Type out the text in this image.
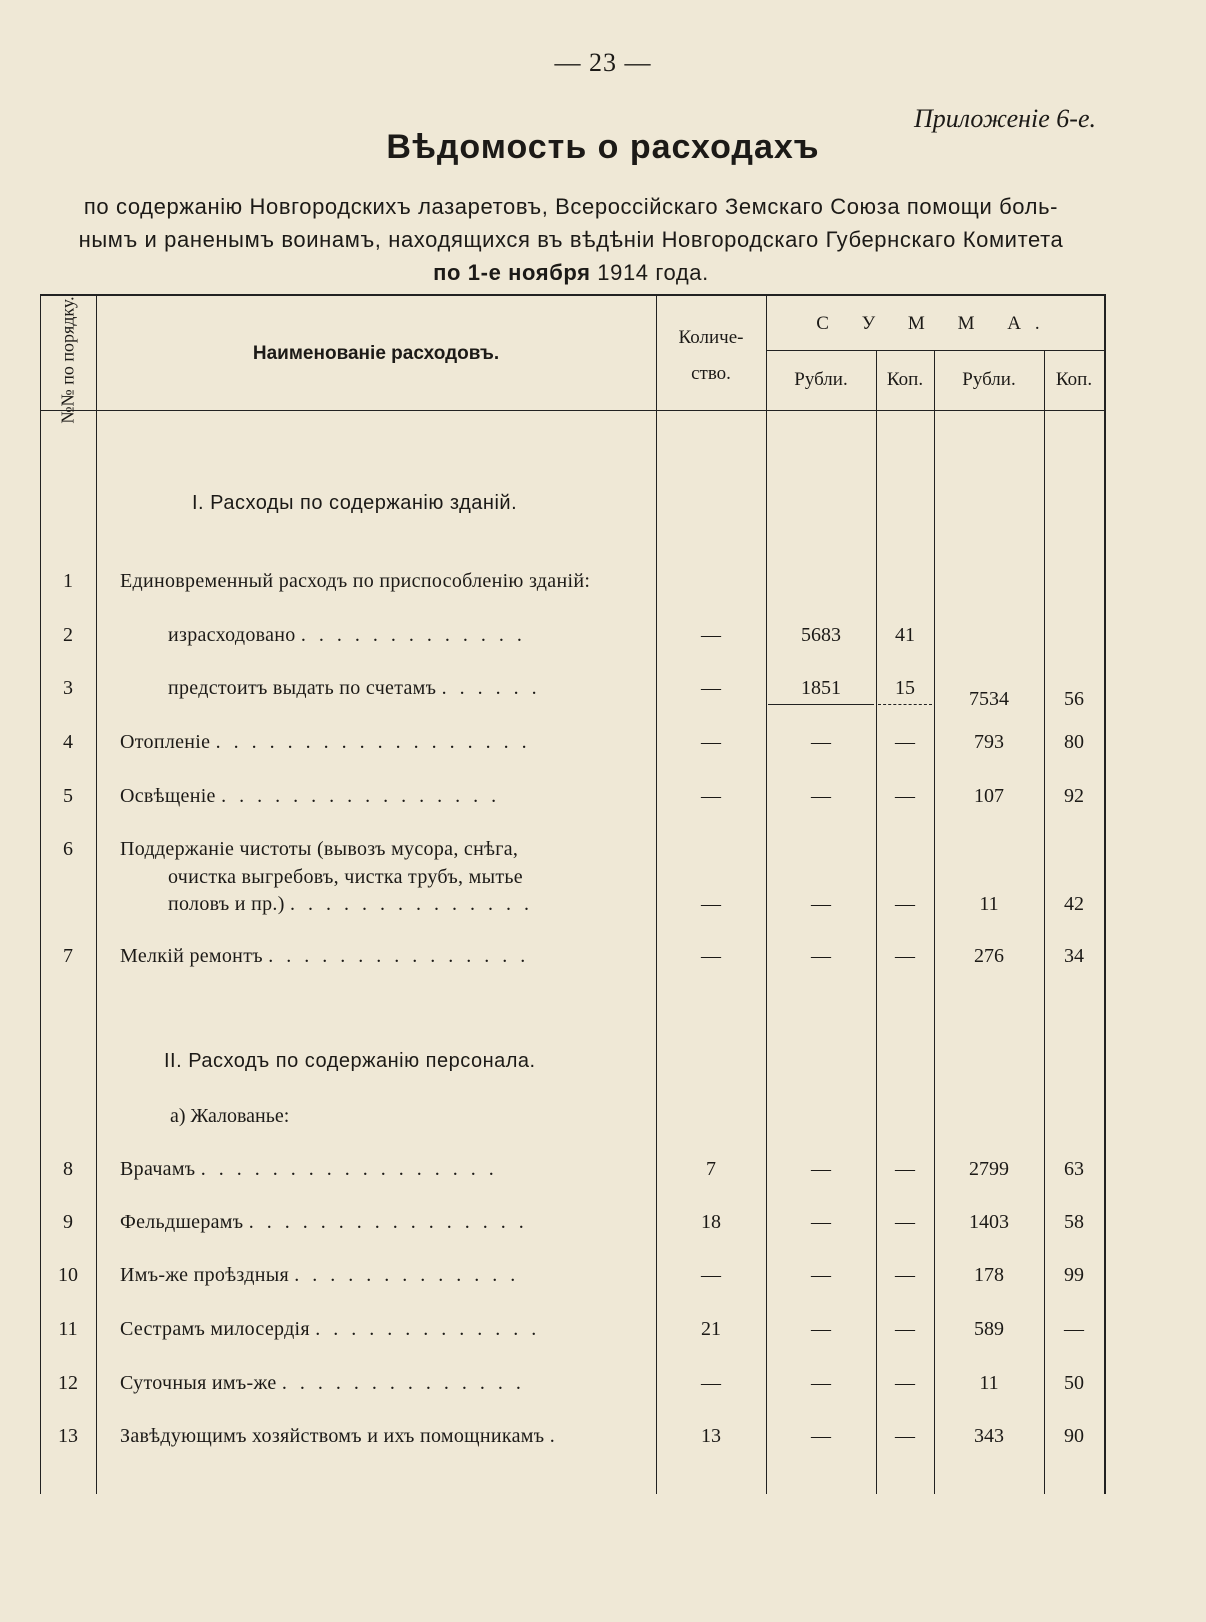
— 23 —
Приложенiе 6-е.
Вѣдомость о расходахъ
по содержанiю Новгородскихъ лазаретовъ, Всероссiйскаго Земскаго Союза помощи боль-
нымъ и раненымъ воинамъ, находящихся въ вѣдѣнiи Новгородскаго Губернскаго Комитета
по 1-е ноября 1914 года.
№№ по порядку.	Наименованiе расходовъ.
Количе-
ство.
С У М М А.
Рубли.	Коп.	Рубли.	Коп.
I. Расходы по содержанiю зданiй.
II. Расходъ по содержанiю персонала.
а) Жалованье:
1	Единовременный расходъ по приспособленiю зданiй:
2	израсходовано . . . . . . . . . . . . .	—	5683	41
3	предстоитъ выдать по счетамъ . . . . . .	—	1851	15	7534	56
4	Отопленiе . . . . . . . . . . . . . . . . . .	—	—	—	793	80
5	Освѣщенiе . . . . . . . . . . . . . . . .	—	—	—	107	92
6	Поддержанiе чистоты (вывозъ мусора, снѣга,
очистка выгребовъ, чистка трубъ, мытье
половъ и пр.) . . . . . . . . . . . . . .	—	—	—	11	42
7	Мелкiй ремонтъ . . . . . . . . . . . . . . .	—	—	—	276	34
8	Врачамъ . . . . . . . . . . . . . . . . .	7	—	—	2799	63
9	Фельдшерамъ . . . . . . . . . . . . . . . .	18	—	—	1403	58
10	Имъ-же проѣздныя . . . . . . . . . . . . .	—	—	—	178	99
11	Сестрамъ милосердiя . . . . . . . . . . . . .	21	—	—	589	—
12	Суточныя имъ-же . . . . . . . . . . . . . .	—	—	—	11	50
13	Завѣдующимъ хозяйствомъ и ихъ помощникамъ .	13	—	—	343	90
